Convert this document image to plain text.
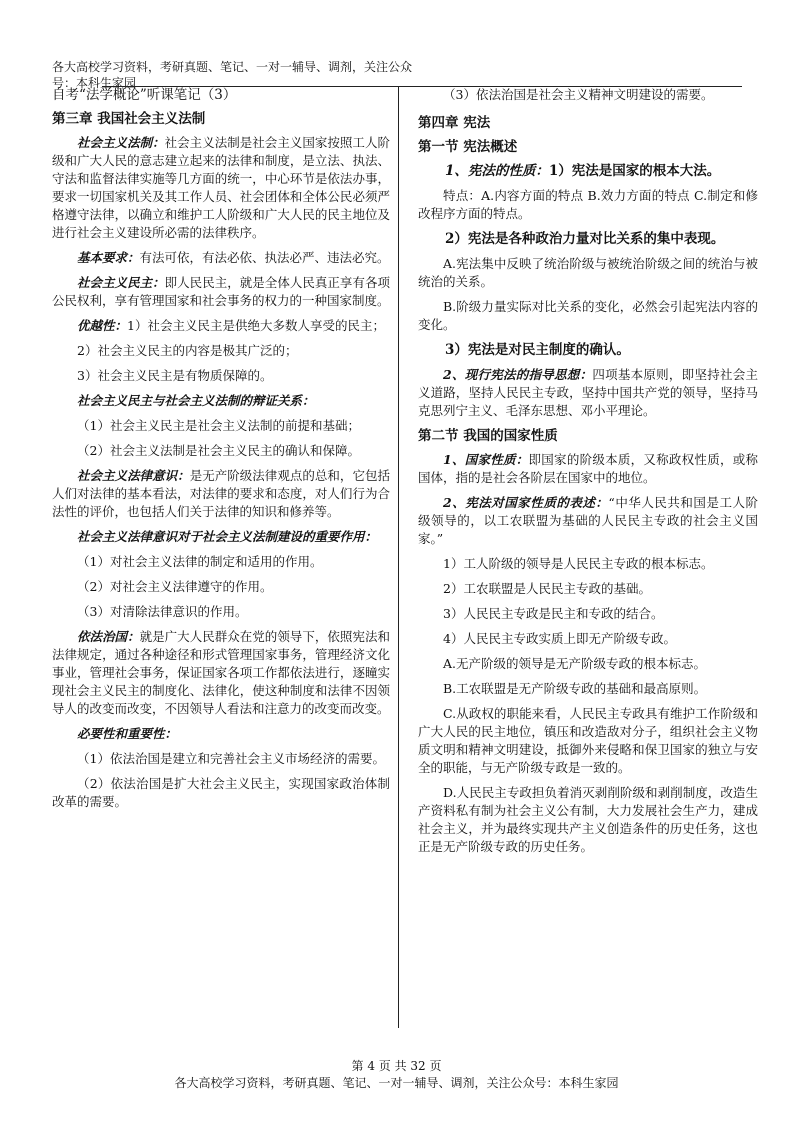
各大高校学习资料，考研真题、笔记、一对一辅导、调剂，关注公众号：本科生家园

自考“法学概论”听课笔记（3）

第三章 我国社会主义法制

社会主义法制：社会主义法制是社会主义国家按照工人阶级和广大人民的意志建立起来的法律和制度，是立法、执法、守法和监督法律实施等几方面的统一，中心环节是依法办事，要求一切国家机关及其工作人员、社会团体和全体公民必须严格遵守法律，以确立和维护工人阶级和广大人民的民主地位及进行社会主义建设所必需的法律秩序。

基本要求：有法可依，有法必依、执法必严、违法必究。

社会主义民主：即人民民主，就是全体人民真正享有各项公民权利，享有管理国家和社会事务的权力的一种国家制度。

优越性：1）社会主义民主是供绝大多数人享受的民主；

2）社会主义民主的内容是极其广泛的；

3）社会主义民主是有物质保障的。

社会主义民主与社会主义法制的辩证关系：

（1）社会主义民主是社会主义法制的前提和基础；

（2）社会主义法制是社会主义民主的确认和保障。

社会主义法律意识：是无产阶级法律观点的总和，它包括人们对法律的基本看法，对法律的要求和态度，对人们行为合法性的评价，也包括人们关于法律的知识和修养等。

社会主义法律意识对于社会主义法制建设的重要作用：

（1）对社会主义法律的制定和适用的作用。

（2）对社会主义法律遵守的作用。

（3）对清除法律意识的作用。

依法治国：就是广大人民群众在党的领导下，依照宪法和法律规定，通过各种途径和形式管理国家事务，管理经济文化事业，管理社会事务，保证国家各项工作都依法进行，逐瞳实现社会主义民主的制度化、法律化，使这种制度和法律不因领导人的改变而改变，不因领导人看法和注意力的改变而改变。

必要性和重要性：

（1）依法治国是建立和完善社会主义市场经济的需要。

（2）依法治国是扩大社会主义民主，实现国家政治体制改革的需要。

（3）依法治国是社会主义精神文明建设的需要。

第四章 宪法

第一节 宪法概述

1、宪法的性质：1）宪法是国家的根本大法。

特点：A.内容方面的特点 B.效力方面的特点 C.制定和修改程序方面的特点。

2）宪法是各种政治力量对比关系的集中表现。

A.宪法集中反映了统治阶级与被统治阶级之间的统治与被统治的关系。

B.阶级力量实际对比关系的变化，必然会引起宪法内容的变化。

3）宪法是对民主制度的确认。

2、现行宪法的指导思想：四项基本原则，即坚持社会主义道路，坚持人民民主专政，坚持中国共产党的领导，坚持马克思列宁主义、毛泽东思想、邓小平理论。

第二节 我国的国家性质

1、国家性质：即国家的阶级本质，又称政权性质，或称国体，指的是社会各阶层在国家中的地位。

2、宪法对国家性质的表述：“中华人民共和国是工人阶级领导的，以工农联盟为基础的人民民主专政的社会主义国家。”

1）工人阶级的领导是人民民主专政的根本标志。

2）工农联盟是人民民主专政的基础。

3）人民民主专政是民主和专政的结合。

4）人民民主专政实质上即无产阶级专政。

A.无产阶级的领导是无产阶级专政的根本标志。

B.工农联盟是无产阶级专政的基础和最高原则。

C.从政权的职能来看，人民民主专政具有维护工作阶级和广大人民的民主地位，镇压和改造敌对分子，组织社会主义物质文明和精神文明建设，抵御外来侵略和保卫国家的独立与安全的职能，与无产阶级专政是一致的。

D.人民民主专政担负着消灭剥削阶级和剥削制度，改造生产资料私有制为社会主义公有制，大力发展社会生产力，建成社会主义，并为最终实现共产主义创造条件的历史任务，这也正是无产阶级专政的历史任务。

第 4 页 共 32 页
各大高校学习资料，考研真题、笔记、一对一辅导、调剂，关注公众号：本科生家园
